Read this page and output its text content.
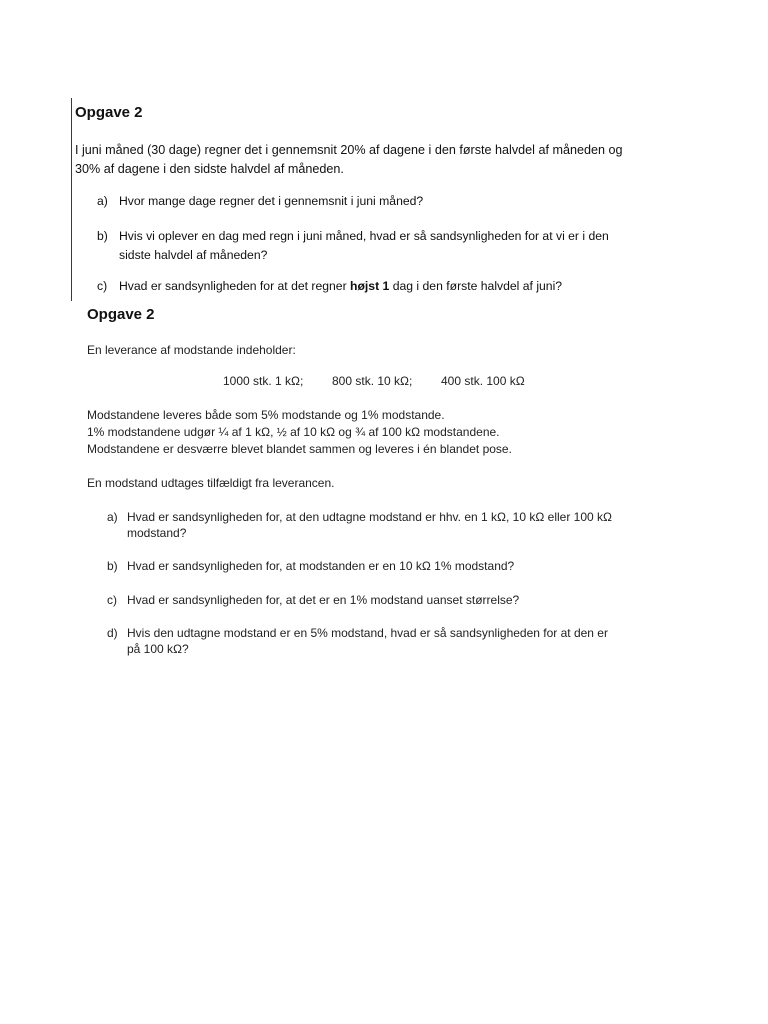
Opgave 2
I juni måned (30 dage) regner det i gennemsnit 20% af dagene i den første halvdel af måneden og
30% af dagene i den sidste halvdel af måneden.
a) Hvor mange dage regner det i gennemsnit i juni måned?
b) Hvis vi oplever en dag med regn i juni måned, hvad er så sandsynligheden for at vi er i den
sidste halvdel af måneden?
c) Hvad er sandsynligheden for at det regner højst 1 dag i den første halvdel af juni?
Opgave 2
En leverance af modstande indeholder:
1000 stk. 1 kΩ; 800 stk. 10 kΩ; 400 stk. 100 kΩ
Modstandene leveres både som 5% modstande og 1% modstande.
1% modstandene udgør ¼ af 1 kΩ, ½ af 10 kΩ og ¾ af 100 kΩ modstandene.
Modstandene er desværre blevet blandet sammen og leveres i én blandet pose.
En modstand udtages tilfældigt fra leverancen.
a) Hvad er sandsynligheden for, at den udtagne modstand er hhv. en 1 kΩ, 10 kΩ eller 100 kΩ
modstand?
b) Hvad er sandsynligheden for, at modstanden er en 10 kΩ 1% modstand?
c) Hvad er sandsynligheden for, at det er en 1% modstand uanset størrelse?
d) Hvis den udtagne modstand er en 5% modstand, hvad er så sandsynligheden for at den er
på 100 kΩ?
